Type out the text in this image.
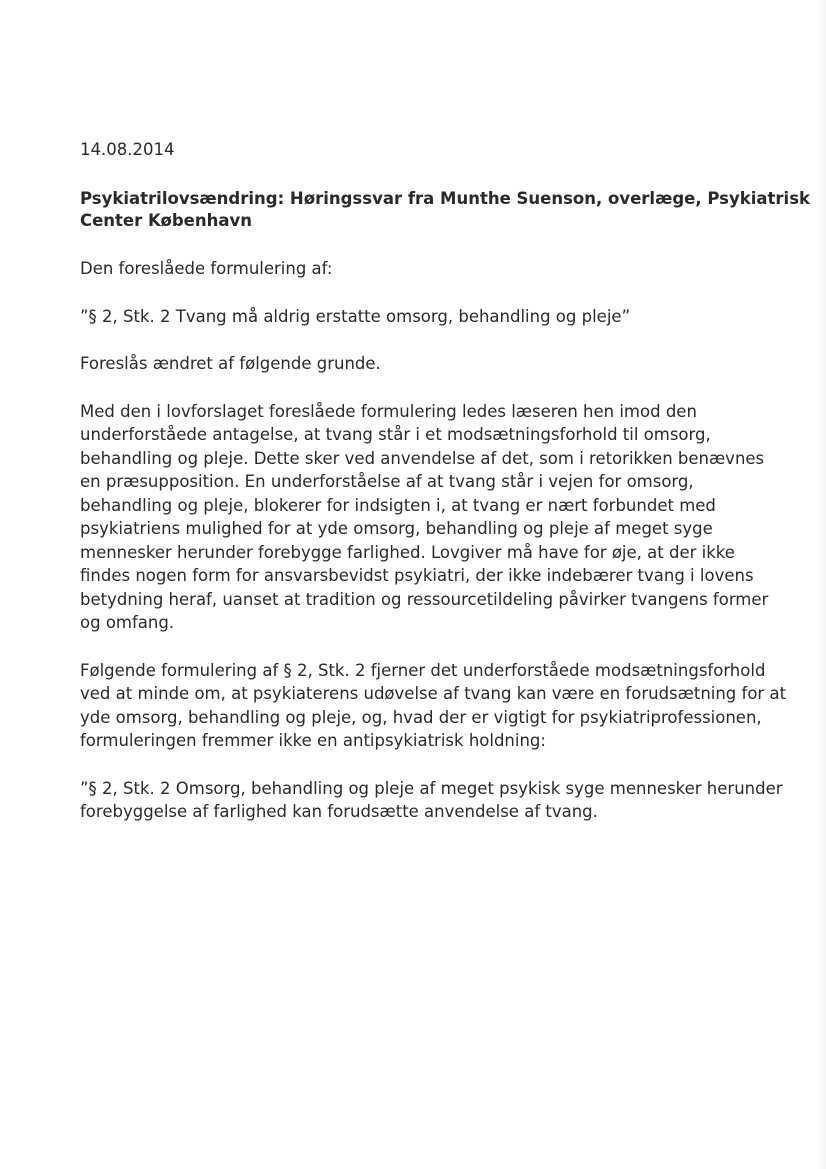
14.08.2014
Psykiatrilovsændring: Høringssvar fra Munthe Suenson, overlæge, Psykiatrisk
Center København
Den foreslåede formulering af:
”§ 2, Stk. 2 Tvang må aldrig erstatte omsorg, behandling og pleje”
Foreslås ændret af følgende grunde.
Med den i lovforslaget foreslåede formulering ledes læseren hen imod den
underforståede antagelse, at tvang står i et modsætningsforhold til omsorg,
behandling og pleje. Dette sker ved anvendelse af det, som i retorikken benævnes
en præsupposition. En underforståelse af at tvang står i vejen for omsorg,
behandling og pleje, blokerer for indsigten i, at tvang er nært forbundet med
psykiatriens mulighed for at yde omsorg, behandling og pleje af meget syge
mennesker herunder forebygge farlighed. Lovgiver må have for øje, at der ikke
findes nogen form for ansvarsbevidst psykiatri, der ikke indebærer tvang i lovens
betydning heraf, uanset at tradition og ressourcetildeling påvirker tvangens former
og omfang.
Følgende formulering af § 2, Stk. 2 fjerner det underforståede modsætningsforhold
ved at minde om, at psykiaterens udøvelse af tvang kan være en forudsætning for at
yde omsorg, behandling og pleje, og, hvad der er vigtigt for psykiatriprofessionen,
formuleringen fremmer ikke en antipsykiatrisk holdning:
”§ 2, Stk. 2 Omsorg, behandling og pleje af meget psykisk syge mennesker herunder
forebyggelse af farlighed kan forudsætte anvendelse af tvang.
